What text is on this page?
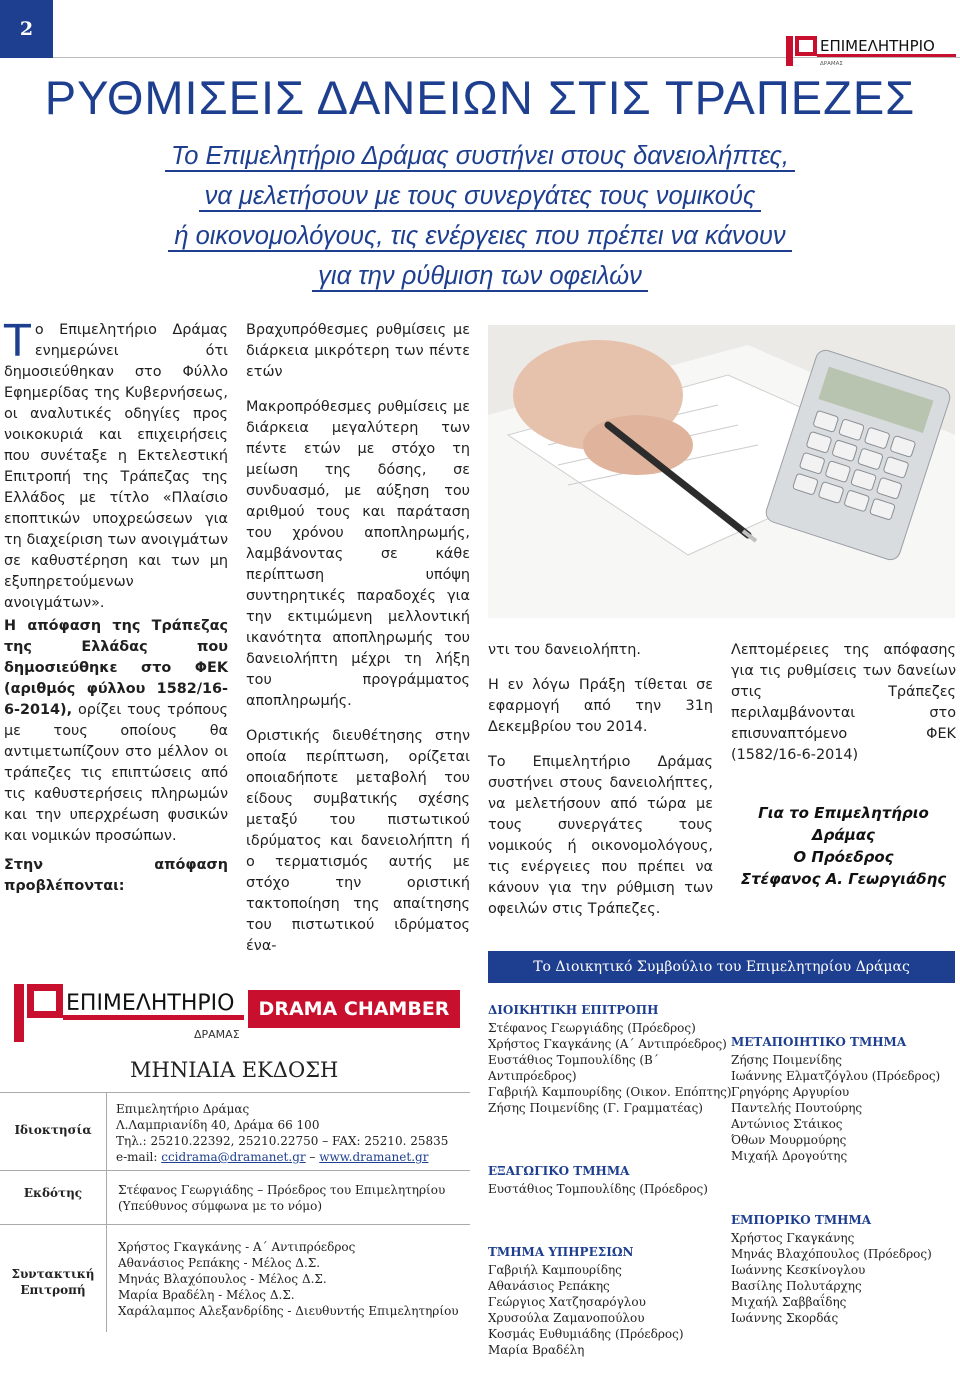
2
ΕΠΙΜΕΛΗΤΗΡΙΟ
ΔΡΑΜΑΣ
ΡΥΘΜΙΣΕΙΣ ΔΑΝΕΙΩΝ ΣΤΙΣ ΤΡΑΠΕΖΕΣ
Το Επιμελητήριο Δράμας συστήνει στους δανειολήπτες,
να μελετήσουν με τους συνεργάτες τους νομικούς
ή οικονομολόγους, τις ενέργειες που πρέπει να κάνουν
για την ρύθμιση των οφειλών

Το Επιμελητήριο Δράμας ενημερώνει ότι δημοσιεύθηκαν στο Φύλλο Εφημερίδας της Κυβερνήσεως, οι αναλυτικές οδηγίες προς νοικοκυριά και επιχειρήσεις που συνέταξε η Εκτελεστική Επιτροπή της Τράπεζας της Ελλάδος με τίτλο «Πλαίσιο εποπτικών υποχρεώσεων για τη διαχείριση των ανοιγμάτων σε καθυστέρηση και των μη εξυπηρετούμενων ανοιγμάτων».

Η απόφαση της Τράπεζας της Ελλάδας που δημοσιεύθηκε στο ΦΕΚ (αριθμός φύλλου 1582/16-6-2014), ορίζει τους τρόπους με τους οποίους θα αντιμετωπίζουν στο μέλλον οι τράπεζες τις επιπτώσεις από τις καθυστερήσεις πληρωμών και την υπερχρέωση φυσικών και νομικών προσώπων.

Στην απόφαση προβλέπονται:

Βραχυπρόθεσμες ρυθμίσεις με διάρκεια μικρότερη των πέντε ετών

Μακροπρόθεσμες ρυθμίσεις με διάρκεια μεγαλύτερη των πέντε ετών με στόχο τη μείωση της δόσης, σε συνδυασμό, με αύξηση του αριθμού τους και παράταση του χρόνου αποπληρωμής, λαμβάνοντας σε κάθε περίπτωση υπόψη συντηρητικές παραδοχές για την εκτιμώμενη μελλοντική ικανότητα αποπληρωμής του δανειολήπτη μέχρι τη λήξη του προγράμματος αποπληρωμής.

Οριστικής διευθέτησης στην οποία περίπτωση, ορίζεται οποιαδήποτε μεταβολή του είδους συμβατικής σχέσης μεταξύ του πιστωτικού ιδρύματος και δανειολήπτη ή ο τερματισμός αυτής με στόχο την οριστική τακτοποίηση της απαίτησης του πιστωτικού ιδρύματος ένα-

ντι του δανειολήπτη.

Η εν λόγω Πράξη τίθεται σε εφαρμογή από την 31η Δεκεμβρίου του 2014.

Το Επιμελητήριο Δράμας συστήνει στους δανειολήπτες, να μελετήσουν από τώρα με τους συνεργάτες τους νομικούς ή οικονομολόγους, τις ενέργειες που πρέπει να κάνουν για την ρύθμιση των οφειλών στις Τράπεζες.

Λεπτομέρειες της απόφασης για τις ρυθμίσεις των δανείων στις Τράπεζες περιλαμβάνονται στο επισυναπτόμενο ΦΕΚ (1582/16-6-2014)

Για το Επιμελητήριο
Δράμας
Ο Πρόεδρος
Στέφανος Α. Γεωργιάδης
Το Διοικητικό Συμβούλιο του Επιμελητηρίου Δράμας
ΕΠΙΜΕΛΗΤΗΡΙΟ
ΔΡΑΜΑΣ
DRAMA CHAMBER
ΜΗΝΙΑΙΑ ΕΚΔΟΣΗ
Ιδιοκτησία
Εκδότης
Συντακτική
Επιτροπή
Επιμελητήριο Δράμας
Λ.Λαμπριανίδη 40, Δράμα 66 100
Τηλ.: 25210.22392, 25210.22750 – FAX: 25210. 25835
e-mail: ccidrama@dramanet.gr – www.dramanet.gr
Στέφανος Γεωργιάδης – Πρόεδρος του Επιμελητηρίου
(Υπεύθυνος σύμφωνα με το νόμο)
Χρήστος Γκαγκάνης - Α΄ Αντιπρόεδρος
Αθανάσιος Ρεπάκης - Μέλος Δ.Σ.
Μηνάς Βλαχόπουλος - Μέλος Δ.Σ.
Μαρία Βραδέλη - Μέλος Δ.Σ.
Χαράλαμπος Αλεξανδρίδης - Διευθυντής Επιμελητηρίου
ΔΙΟΙΚΗΤΙΚΗ ΕΠΙΤΡΟΠΗ
Στέφανος Γεωργιάδης (Πρόεδρος)
Χρήστος Γκαγκάνης (Α΄ Αντιπρόεδρος)
Ευστάθιος Τομπουλίδης (Β΄
Αντιπρόεδρος)
Γαβριήλ Καμπουρίδης (Οικον. Επόπτης)
Ζήσης Ποιμενίδης (Γ. Γραμματέας)
ΕΞΑΓΩΓΙΚΟ ΤΜΗΜΑ
Ευστάθιος Τομπουλίδης (Πρόεδρος)
ΤΜΗΜΑ ΥΠΗΡΕΣΙΩΝ
Γαβριήλ Καμπουρίδης
Αθανάσιος Ρεπάκης
Γεώργιος Χατζησαρόγλου
Χρυσούλα Ζαμανοπούλου
Κοσμάς Ευθυμιάδης (Πρόεδρος)
Μαρία Βραδέλη
ΜΕΤΑΠΟΙΗΤΙΚΟ ΤΜΗΜΑ
Ζήσης Ποιμενίδης
Ιωάννης Ελματζόγλου (Πρόεδρος)
Γρηγόρης Αργυρίου
Παντελής Πουτούρης
Αντώνιος Στάικος
Όθων Μουρμούρης
Μιχαήλ Δρογούτης
ΕΜΠΟΡΙΚΟ ΤΜΗΜΑ
Χρήστος Γκαγκάνης
Μηνάς Βλαχόπουλος (Πρόεδρος)
Ιωάννης Κεσκίνογλου
Βασίλης Πολυτάρχης
Μιχαήλ Σαββαΐδης
Ιωάννης Σκορδάς
